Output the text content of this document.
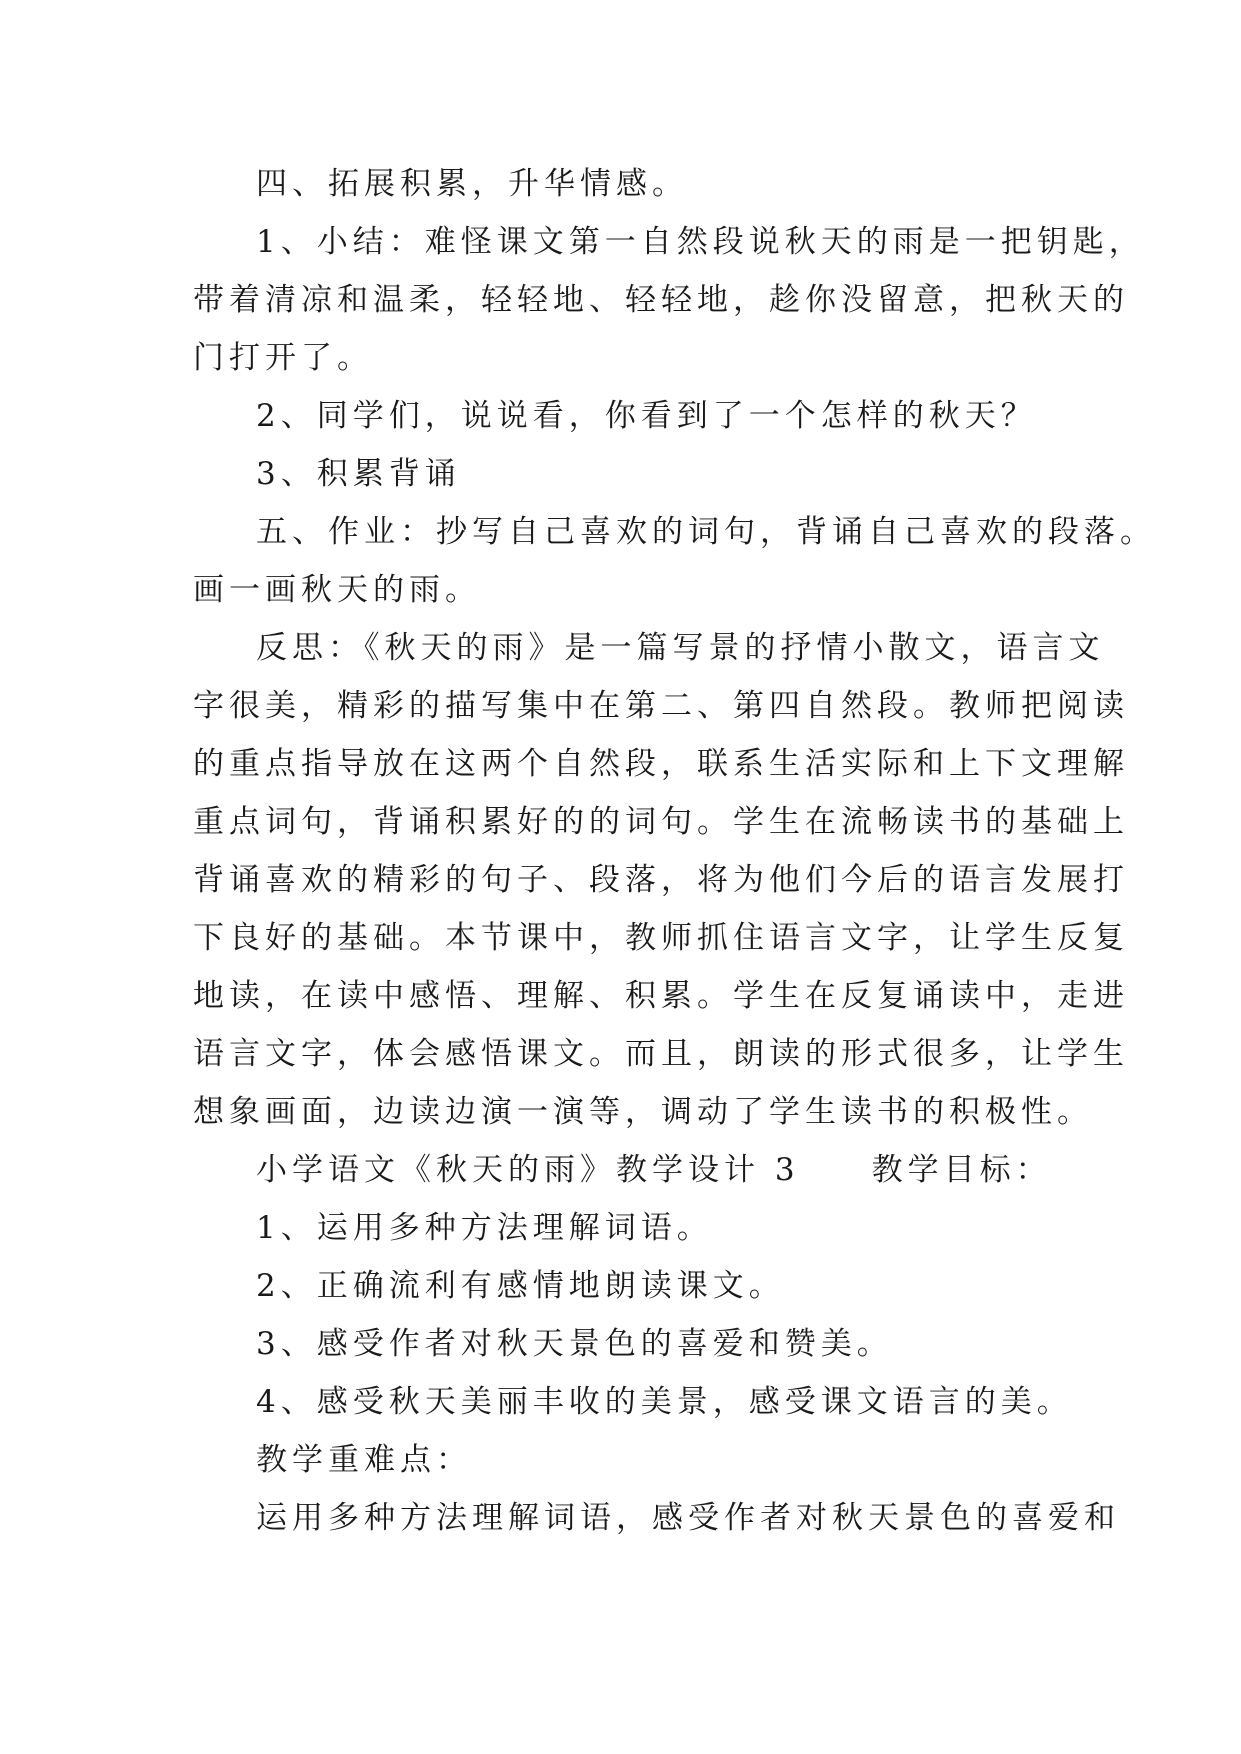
四、拓展积累，升华情感。
1、小结：难怪课文第一自然段说秋天的雨是一把钥匙，
带着清凉和温柔，轻轻地、轻轻地，趁你没留意，把秋天的
门打开了。
2、同学们，说说看，你看到了一个怎样的秋天？
3、积累背诵
五、作业：抄写自己喜欢的词句，背诵自己喜欢的段落。
画一画秋天的雨。
反思：《秋天的雨》是一篇写景的抒情小散文，语言文
字很美，精彩的描写集中在第二、第四自然段。教师把阅读
的重点指导放在这两个自然段，联系生活实际和上下文理解
重点词句，背诵积累好的的词句。学生在流畅读书的基础上
背诵喜欢的精彩的句子、段落，将为他们今后的语言发展打
下良好的基础。本节课中，教师抓住语言文字，让学生反复
地读，在读中感悟、理解、积累。学生在反复诵读中，走进
语言文字，体会感悟课文。而且，朗读的形式很多，让学生
想象画面，边读边演一演等，调动了学生读书的积极性。
小学语文《秋天的雨》教学设计 3　　教学目标：
1、运用多种方法理解词语。
2、正确流利有感情地朗读课文。
3、感受作者对秋天景色的喜爱和赞美。
4、感受秋天美丽丰收的美景，感受课文语言的美。
教学重难点：
运用多种方法理解词语，感受作者对秋天景色的喜爱和
